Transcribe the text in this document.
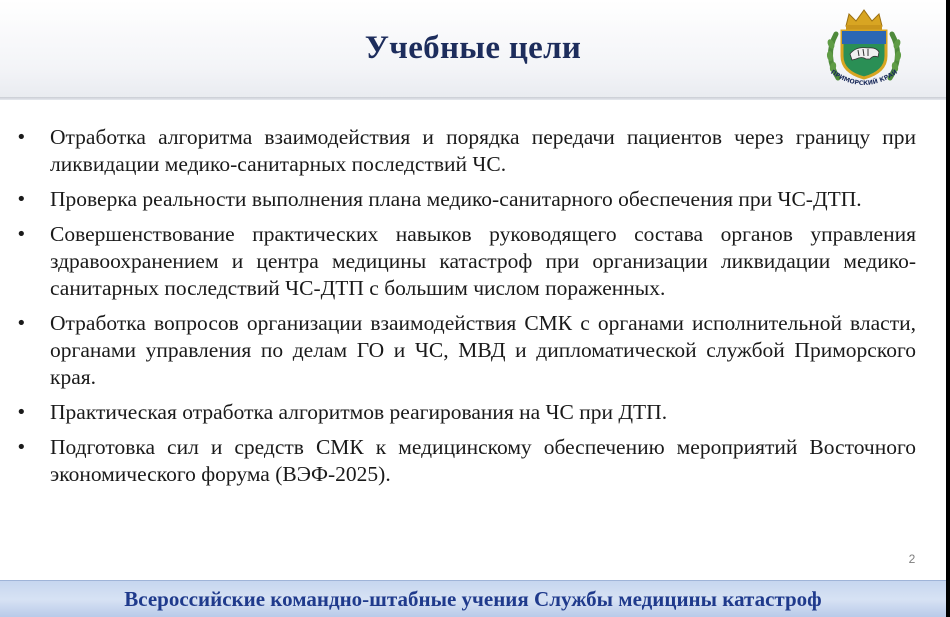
Учебные цели
ПРИМОРСКИЙ КРАЙ
•	Отработка алгоритма взаимодействия и порядка передачи пациентов через границу при ликвидации медико-санитарных последствий ЧС.
•	Проверка реальности выполнения плана медико-санитарного обеспечения при ЧС-ДТП.
•	Совершенствование практических навыков руководящего состава органов управления здравоохранением и центра медицины катастроф при организации ликвидации медико-санитарных последствий ЧС-ДТП с большим числом пораженных.
•	Отработка вопросов организации взаимодействия СМК с органами исполнительной власти, органами управления по делам ГО и ЧС, МВД и дипломатической службой Приморского края.
•	Практическая отработка алгоритмов реагирования на ЧС при ДТП.
•	Подготовка сил и средств СМК к медицинскому обеспечению мероприятий Восточного экономического форума (ВЭФ-2025).
2
Всероссийские командно-штабные учения Службы медицины катастроф
